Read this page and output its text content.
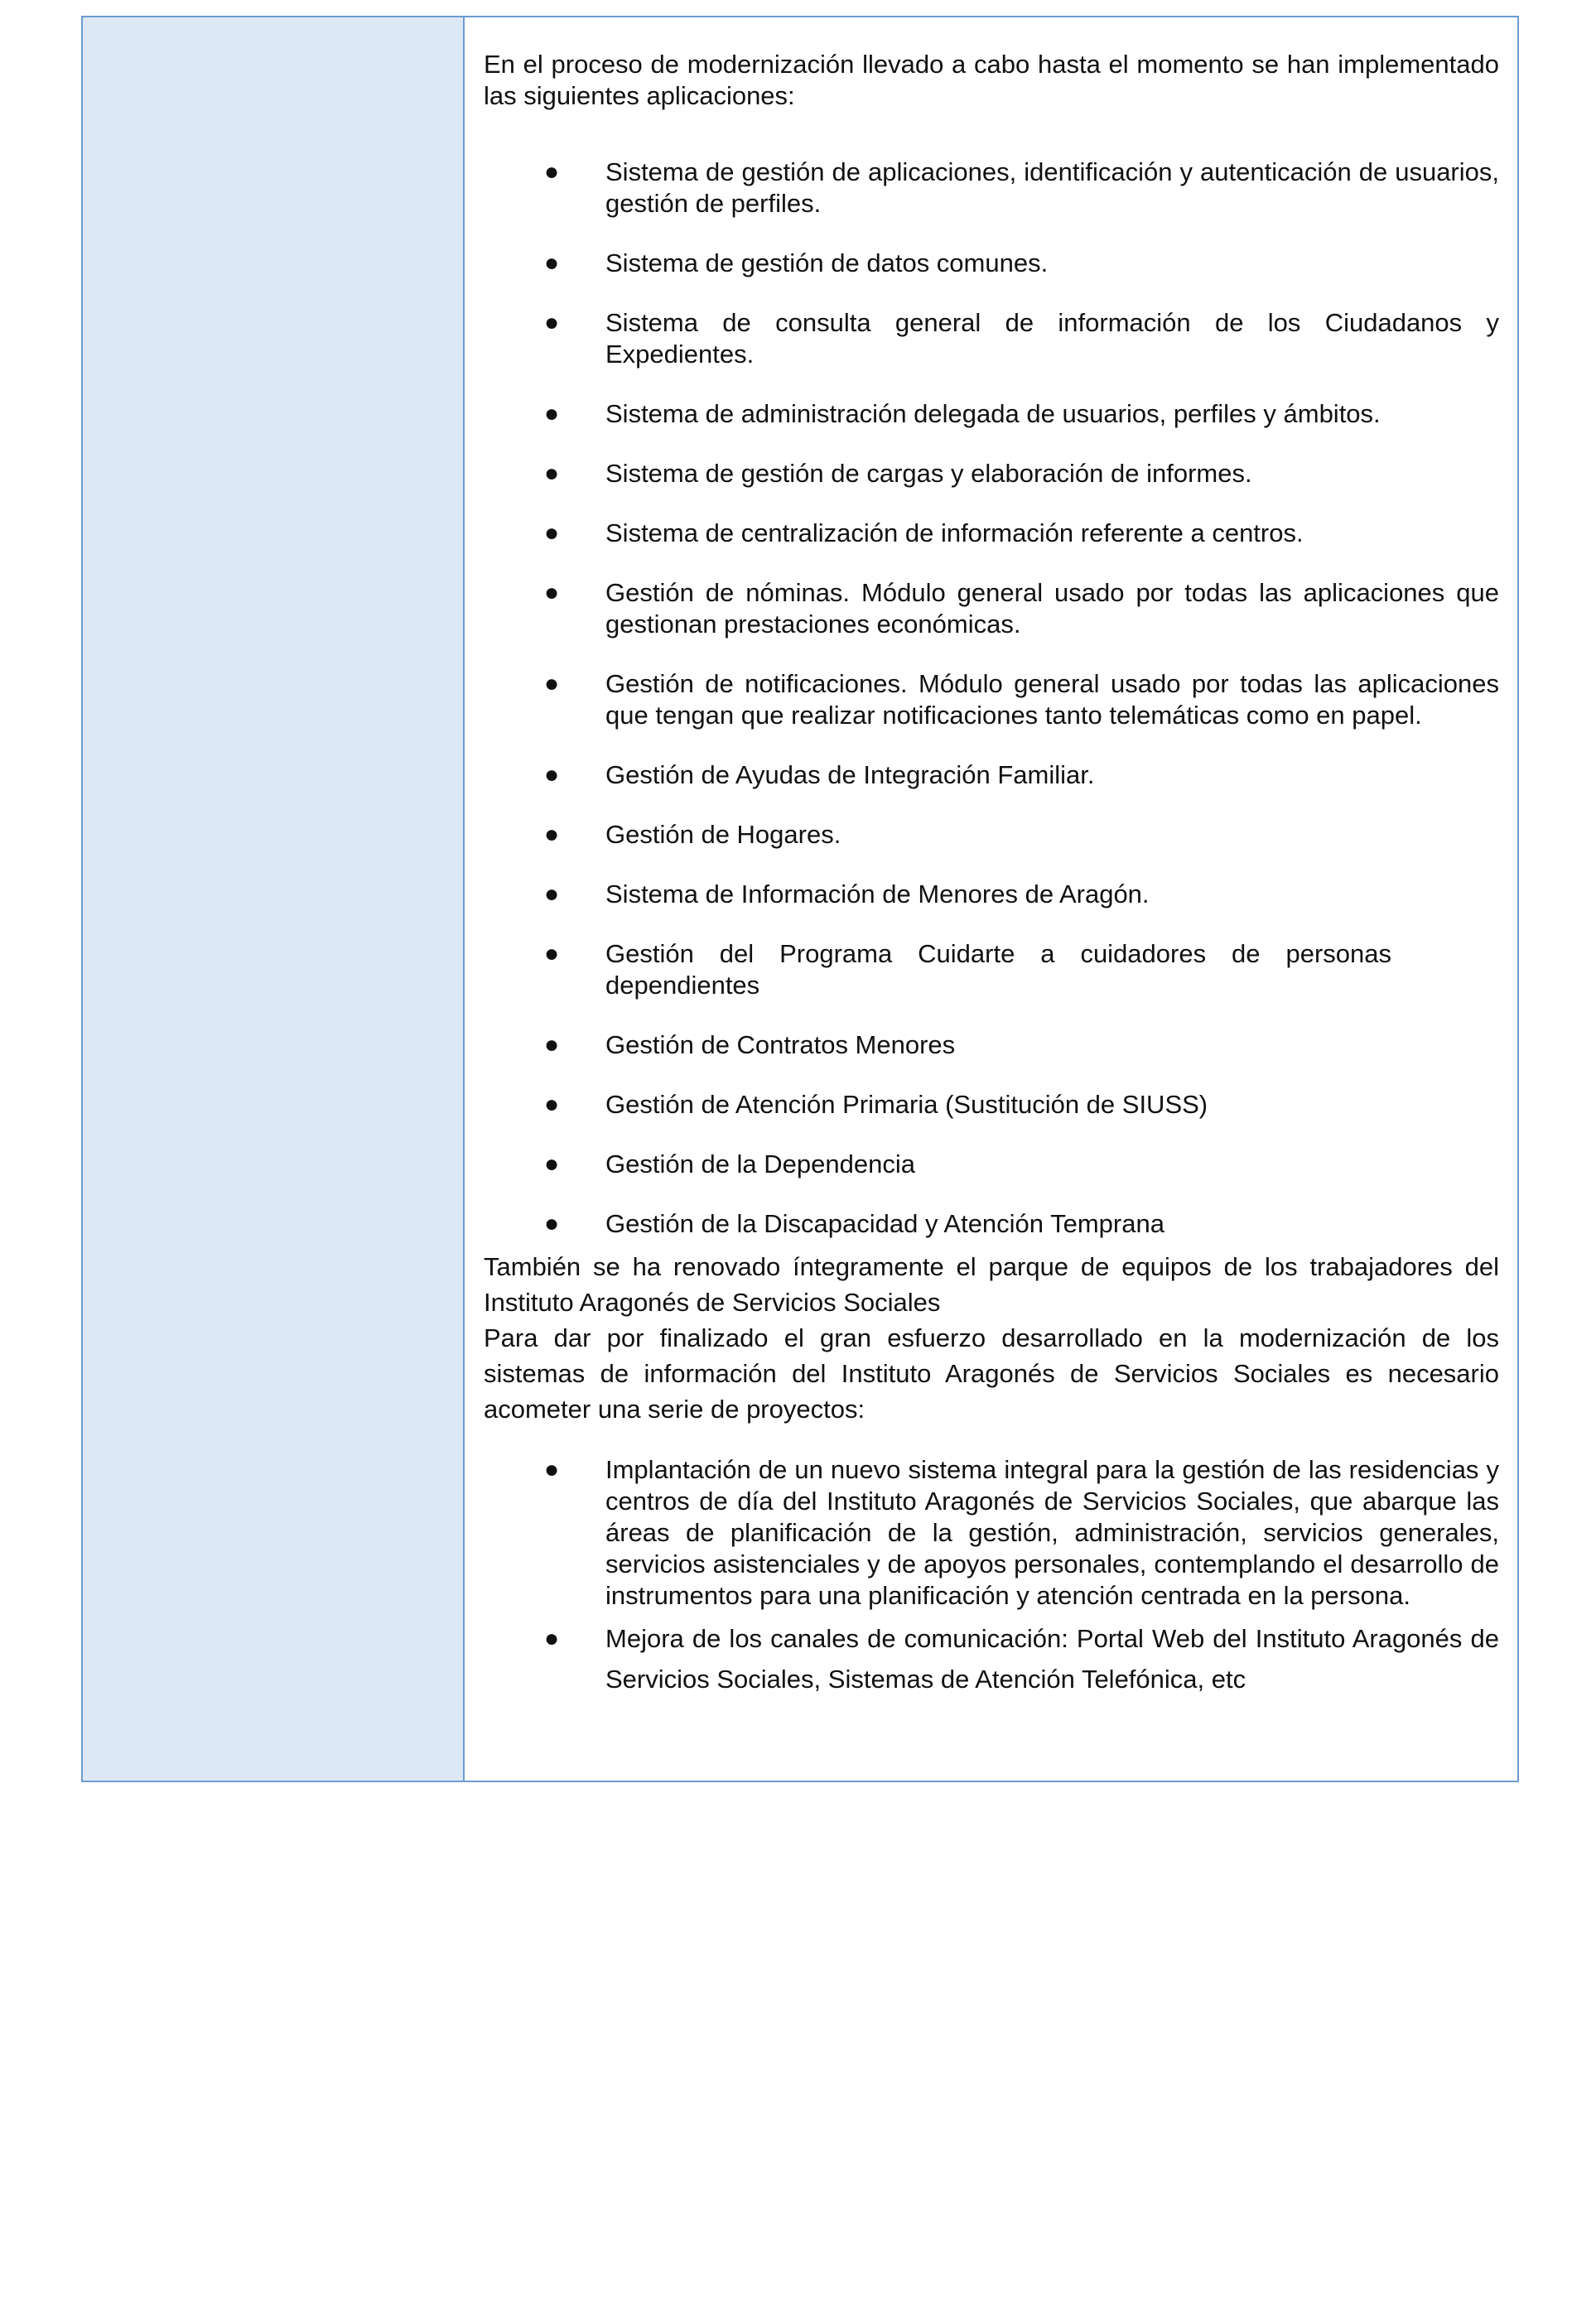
En el proceso de modernización llevado a cabo hasta el momento se han implementado las siguientes aplicaciones:

● Sistema de gestión de aplicaciones, identificación y autenticación de usuarios, gestión de perfiles.
● Sistema de gestión de datos comunes.
● Sistema de consulta general de información de los Ciudadanos y Expedientes.
● Sistema de administración delegada de usuarios, perfiles y ámbitos.
● Sistema de gestión de cargas y elaboración de informes.
● Sistema de centralización de información referente a centros.
● Gestión de nóminas. Módulo general usado por todas las aplicaciones que gestionan prestaciones económicas.
● Gestión de notificaciones. Módulo general usado por todas las aplicaciones que tengan que realizar notificaciones tanto telemáticas como en papel.
● Gestión de Ayudas de Integración Familiar.
● Gestión de Hogares.
● Sistema de Información de Menores de Aragón.
● Gestión del Programa Cuidarte a cuidadores de personas dependientes
● Gestión de Contratos Menores
● Gestión de Atención Primaria (Sustitución de SIUSS)
● Gestión de la Dependencia
● Gestión de la Discapacidad y Atención Temprana

También se ha renovado íntegramente el parque de equipos de los trabajadores del Instituto Aragonés de Servicios Sociales

Para dar por finalizado el gran esfuerzo desarrollado en la modernización de los sistemas de información del Instituto Aragonés de Servicios Sociales es necesario acometer una serie de proyectos:

● Implantación de un nuevo sistema integral para la gestión de las residencias y centros de día del Instituto Aragonés de Servicios Sociales, que abarque las áreas de planificación de la gestión, administración, servicios generales, servicios asistenciales y de apoyos personales, contemplando el desarrollo de instrumentos para una planificación y atención centrada en la persona.
● Mejora de los canales de comunicación: Portal Web del Instituto Aragonés de Servicios Sociales, Sistemas de Atención Telefónica, etc
